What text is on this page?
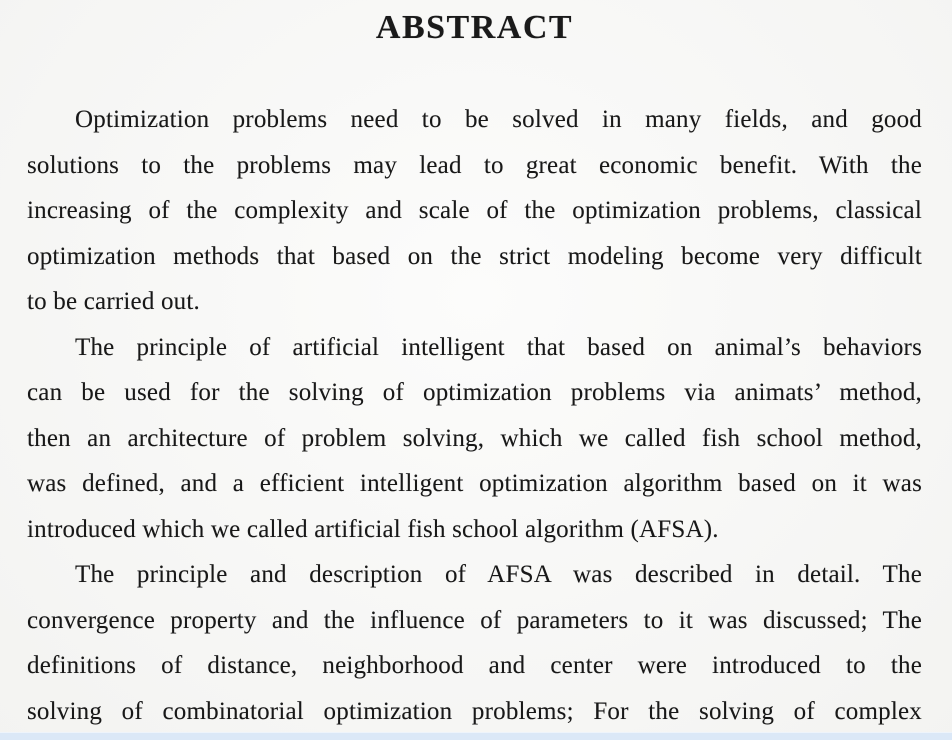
ABSTRACT
Optimization problems need to be solved in many fields, and good
solutions to the problems may lead to great economic benefit. With the
increasing of the complexity and scale of the optimization problems, classical
optimization methods that based on the strict modeling become very difficult
to be carried out.
The principle of artificial intelligent that based on animal’s behaviors
can be used for the solving of optimization problems via animats’ method,
then an architecture of problem solving, which we called fish school method,
was defined, and a efficient intelligent optimization algorithm based on it was
introduced which we called artificial fish school algorithm (AFSA).
The principle and description of AFSA was described in detail. The
convergence property and the influence of parameters to it was discussed; The
definitions of distance, neighborhood and center were introduced to the
solving of combinatorial optimization problems; For the solving of complex
